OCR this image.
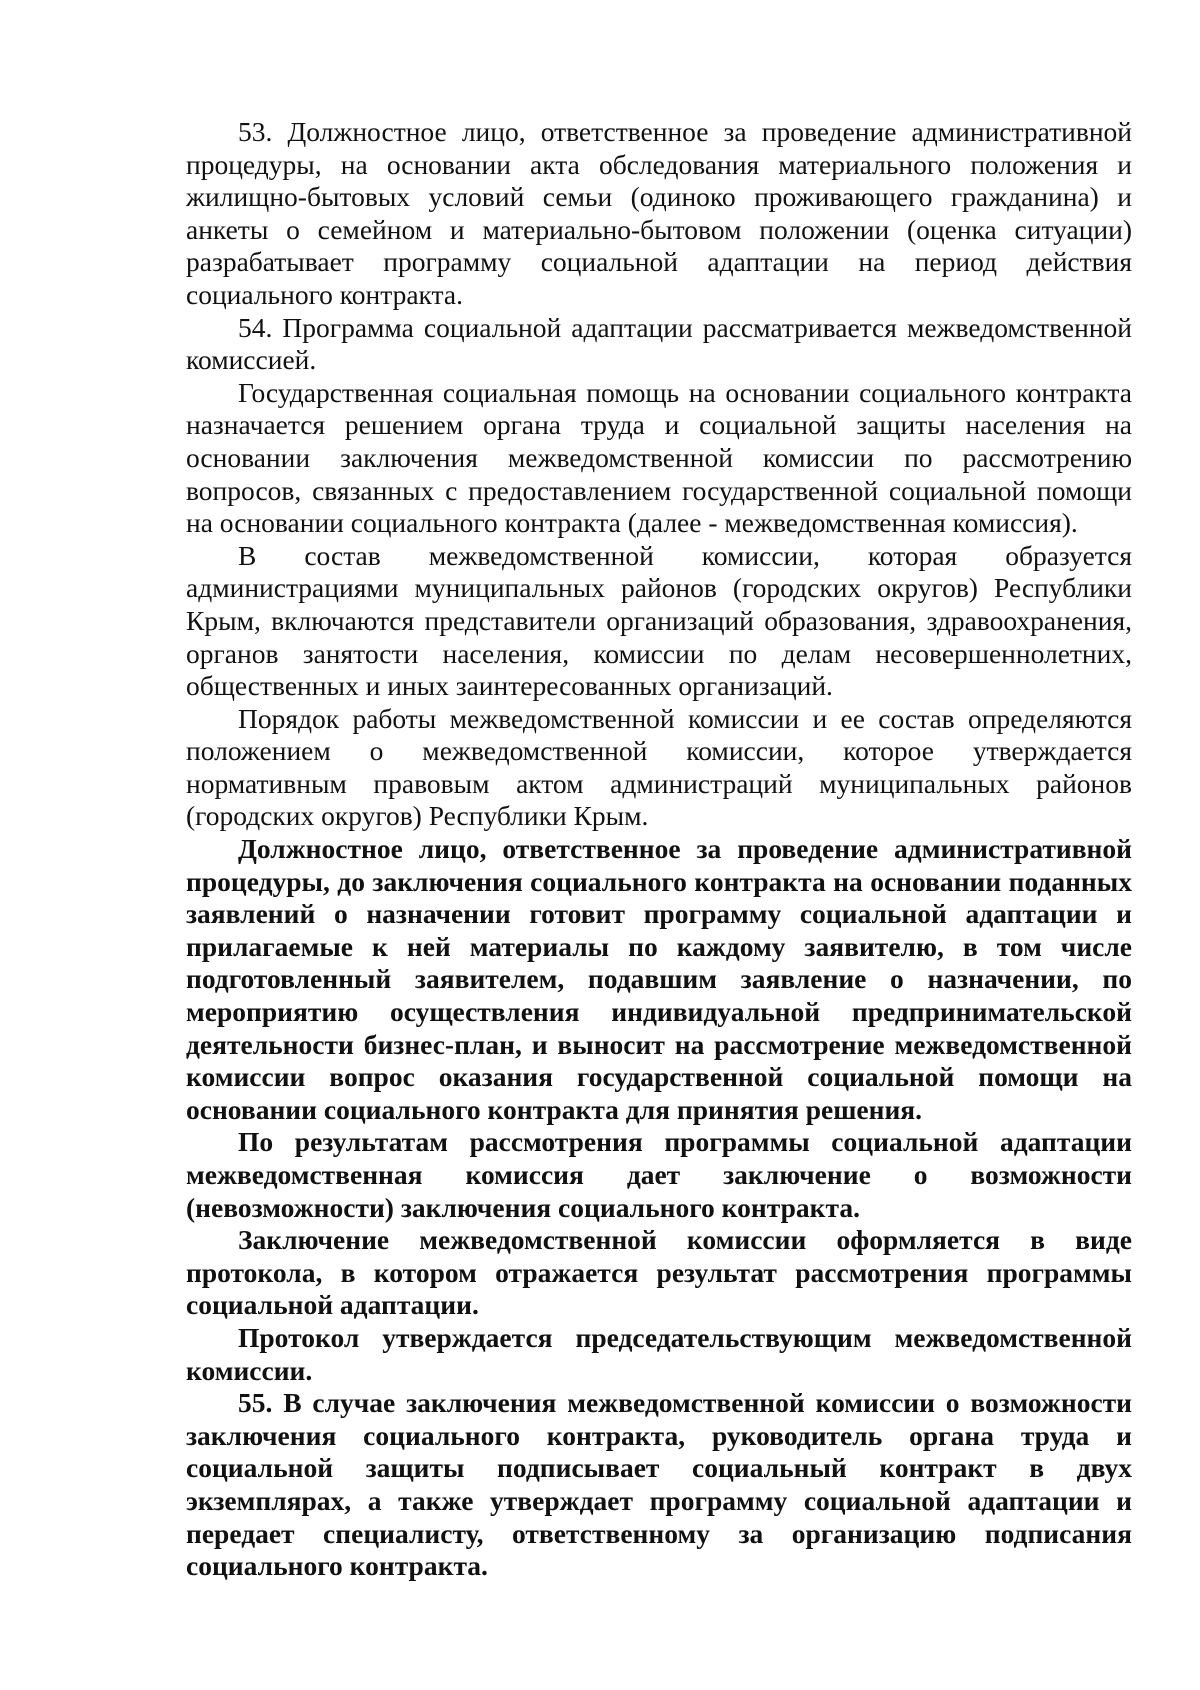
53. Должностное лицо, ответственное за проведение административной процедуры, на основании акта обследования материального положения и жилищно-бытовых условий семьи (одиноко проживающего гражданина) и анкеты о семейном и материально-бытовом положении (оценка ситуации) разрабатывает программу социальной адаптации на период действия социального контракта.

54. Программа социальной адаптации рассматривается межведомственной комиссией.

Государственная социальная помощь на основании социального контракта назначается решением органа труда и социальной защиты населения на основании заключения межведомственной комиссии по рассмотрению вопросов, связанных с предоставлением государственной социальной помощи на основании социального контракта (далее - межведомственная комиссия).

В состав межведомственной комиссии, которая образуется администрациями муниципальных районов (городских округов) Республики Крым, включаются представители организаций образования, здравоохранения, органов занятости населения, комиссии по делам несовершеннолетних, общественных и иных заинтересованных организаций.

Порядок работы межведомственной комиссии и ее состав определяются положением о межведомственной комиссии, которое утверждается нормативным правовым актом администраций муниципальных районов (городских округов) Республики Крым.

Должностное лицо, ответственное за проведение административной процедуры, до заключения социального контракта на основании поданных заявлений о назначении готовит программу социальной адаптации и прилагаемые к ней материалы по каждому заявителю, в том числе подготовленный заявителем, подавшим заявление о назначении, по мероприятию осуществления индивидуальной предпринимательской деятельности бизнес-план, и выносит на рассмотрение межведомственной комиссии вопрос оказания государственной социальной помощи на основании социального контракта для принятия решения.

По результатам рассмотрения программы социальной адаптации межведомственная комиссия дает заключение о возможности (невозможности) заключения социального контракта.

Заключение межведомственной комиссии оформляется в виде протокола, в котором отражается результат рассмотрения программы социальной адаптации.

Протокол утверждается председательствующим межведомственной комиссии.

55. В случае заключения межведомственной комиссии о возможности заключения социального контракта, руководитель органа труда и социальной защиты подписывает социальный контракт в двух экземплярах, а также утверждает программу социальной адаптации и передает специалисту, ответственному за организацию подписания социального контракта.
